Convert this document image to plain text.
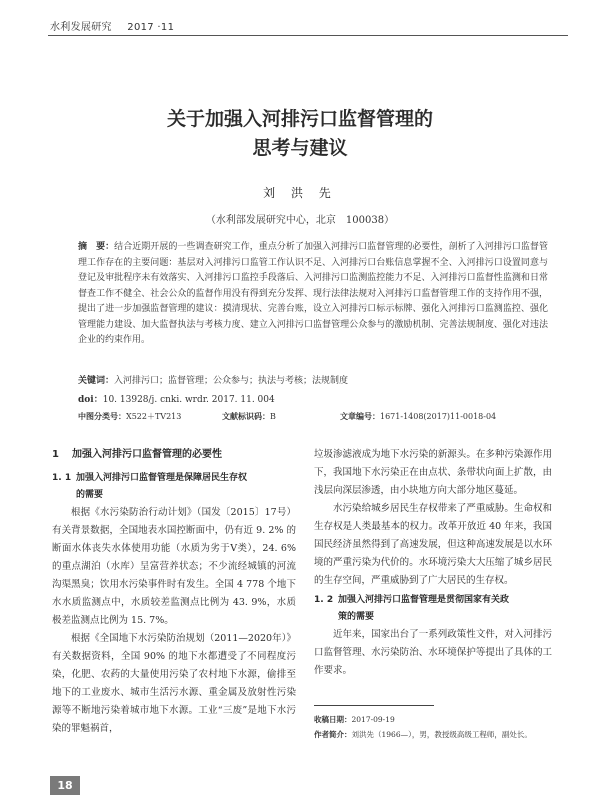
水利发展研究 2017 ·11
关于加强入河排污口监督管理的
思考与建议
刘 洪 先
（水利部发展研究中心，北京　100038）
摘　要：结合近期开展的一些调查研究工作，重点分析了加强入河排污口监督管理的必要性，剖析了入河排污口监督管理工作存在的主要问题：基层对入河排污口监管工作认识不足、入河排污口台账信息掌握不全、入河排污口设置同意与登记及审批程序未有效落实、入河排污口监控手段落后、入河排污口监测监控能力不足、入河排污口监督性监测和日常督查工作不健全、社会公众的监督作用没有得到充分发挥、现行法律法规对入河排污口监督管理工作的支持作用不强，提出了进一步加强监督管理的建议：摸清现状、完善台账，设立入河排污口标示标牌、强化入河排污口监测监控、强化管理能力建设、加大监督执法与考核力度、建立入河排污口监督管理公众参与的激励机制、完善法规制度、强化对违法企业的约束作用。
关键词：入河排污口；监督管理；公众参与；执法与考核；法规制度
doi：10. 13928/j. cnki. wrdr. 2017. 11. 004
中图分类号：X522＋TV213	文献标识码：B	文章编号：1671-1408(2017)11-0018-04
1 加强入河排污口监督管理的必要性
1. 1 加强入河排污口监督管理是保障居民生存权
的需要

根据《水污染防治行动计划》（国发〔2015〕17号）有关背景数据，全国地表水国控断面中，仍有近 9. 2% 的断面水体丧失水体使用功能（水质为劣于Ⅴ类），24. 6% 的重点湖泊（水库）呈富营养状态；不少流经城镇的河流沟渠黑臭；饮用水污染事件时有发生。全国 4 778 个地下水水质监测点中，水质较差监测点比例为 43. 9%，水质极差监测点比例为 15. 7%。

根据《全国地下水污染防治规划（2011—2020年）》有关数据资料，全国 90% 的地下水都遭受了不同程度污染，化肥、农药的大量使用污染了农村地下水源，偷排至地下的工业废水、城市生活污水源、重金属及放射性污染源等不断地污染着城市地下水源。工业“三废”是地下水污染的罪魁祸首，

垃圾渗滤液成为地下水污染的新源头。在多种污染源作用下，我国地下水污染正在由点状、条带状向面上扩散，由浅层向深层渗透，由小块地方向大部分地区蔓延。

水污染给城乡居民生存权带来了严重威胁。生命权和生存权是人类最基本的权力。改革开放近 40 年来，我国国民经济虽然得到了高速发展，但这种高速发展是以水环境的严重污染为代价的。水环境污染大大压缩了城乡居民的生存空间，严重威胁到了广大居民的生存权。

1. 2 加强入河排污口监督管理是贯彻国家有关政
策的需要

近年来，国家出台了一系列政策性文件，对入河排污口监督管理、水污染防治、水环境保护等提出了具体的工作要求。

收稿日期：2017-09-19
作者简介：刘洪先（1966—），男，教授级高级工程师，副处长。
18
